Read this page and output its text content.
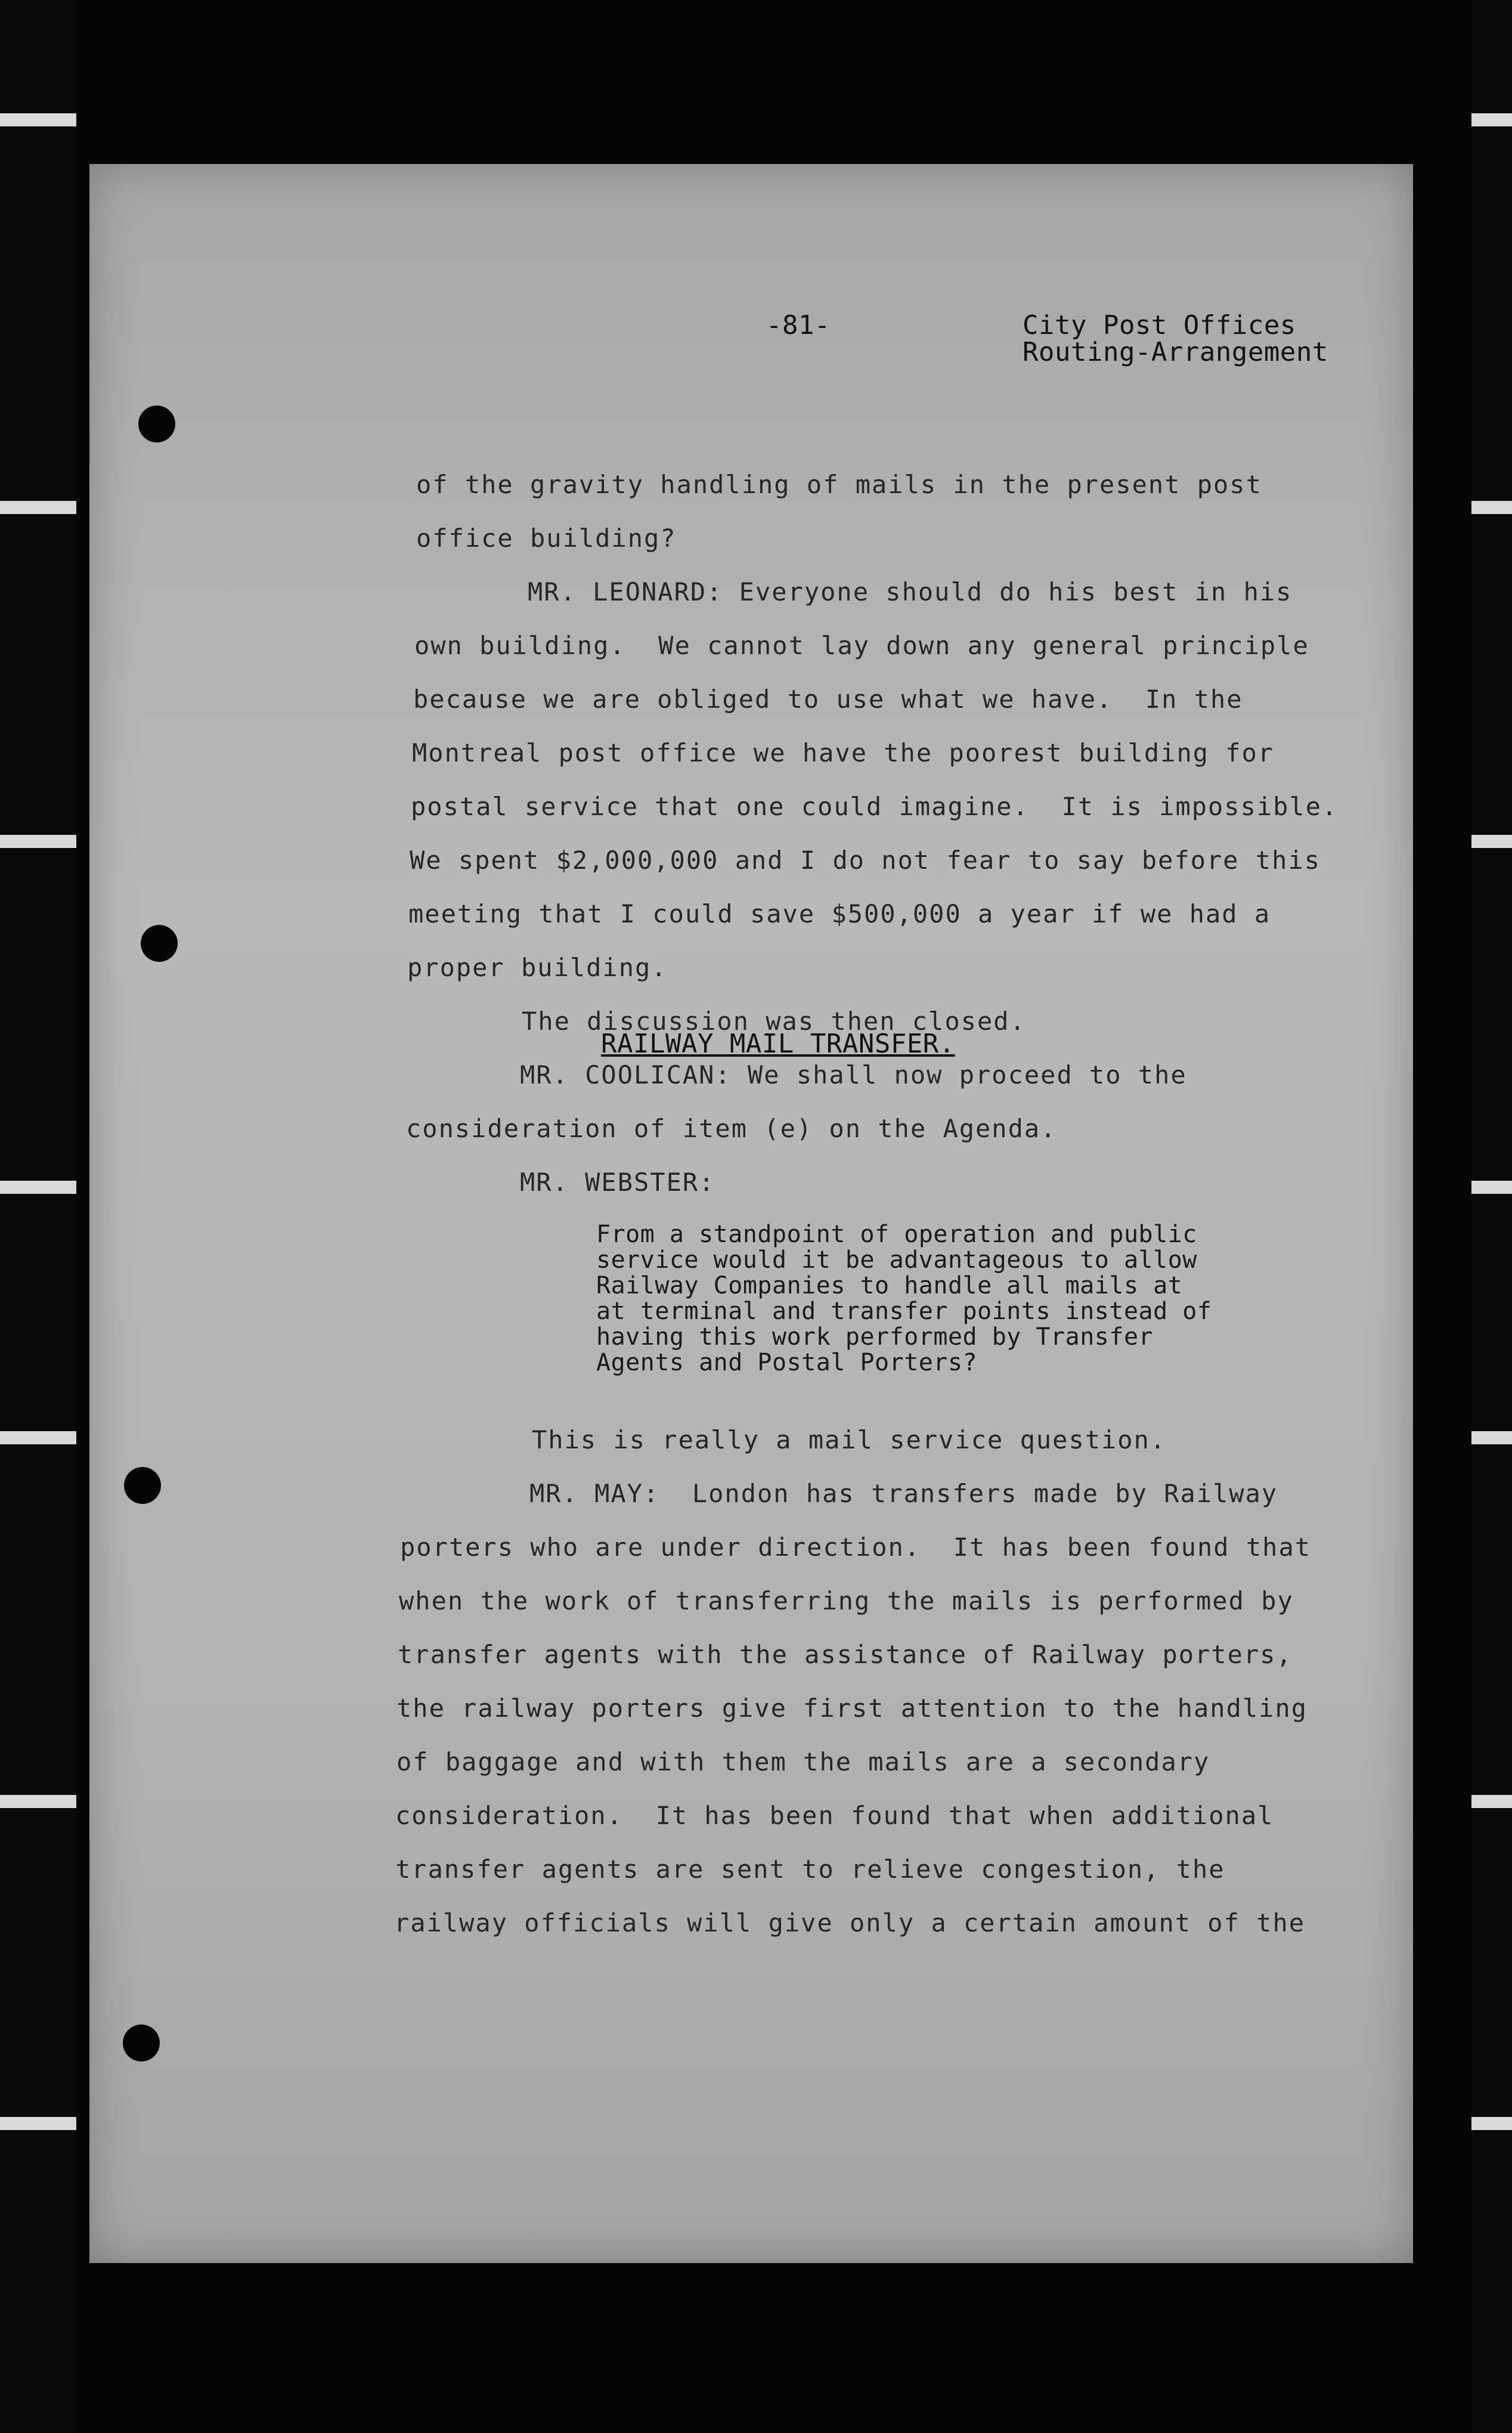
-81-	City Post Offices
Routing-Arrangement
of the gravity handling of mails in the present post
office building?
MR. LEONARD: Everyone should do his best in his
own building.  We cannot lay down any general principle
because we are obliged to use what we have.  In the
Montreal post office we have the poorest building for
postal service that one could imagine.  It is impossible.
We spent $2,000,000 and I do not fear to say before this
meeting that I could save $500,000 a year if we had a
proper building.
The discussion was then closed.
RAILWAY MAIL TRANSFER.
MR. COOLICAN: We shall now proceed to the
consideration of item (e) on the Agenda.
MR. WEBSTER:
From a standpoint of operation and public
service would it be advantageous to allow
Railway Companies to handle all mails at
at terminal and transfer points instead of
having this work performed by Transfer
Agents and Postal Porters?
This is really a mail service question.
MR. MAY:  London has transfers made by Railway
porters who are under direction.  It has been found that
when the work of transferring the mails is performed by
transfer agents with the assistance of Railway porters,
the railway porters give first attention to the handling
of baggage and with them the mails are a secondary
consideration.  It has been found that when additional
transfer agents are sent to relieve congestion, the
railway officials will give only a certain amount of the
